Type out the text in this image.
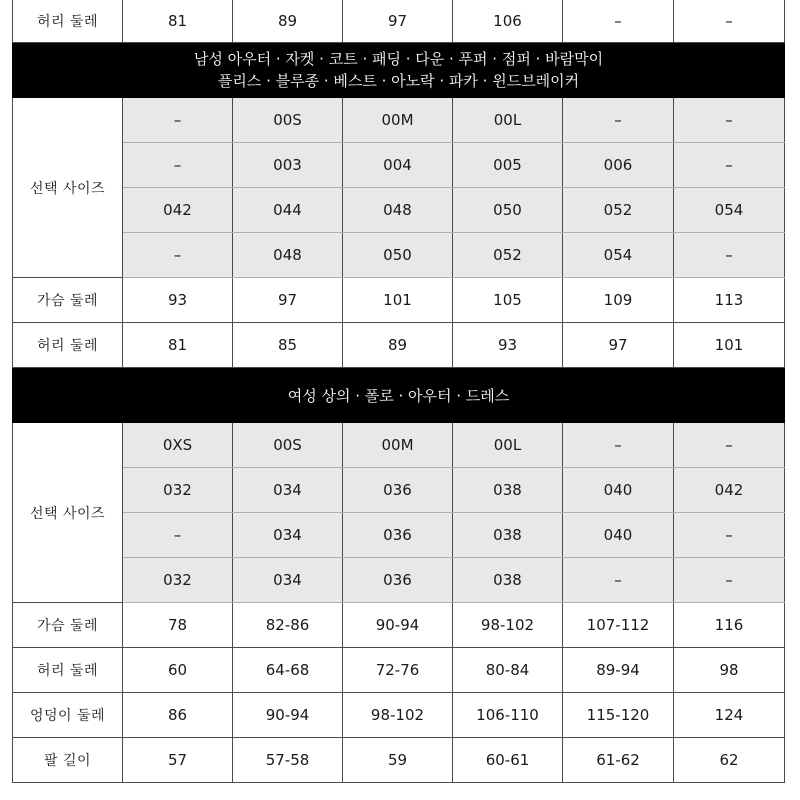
허리 둘레	81	89	97	106	–	–

남성 아우터 · 자켓 · 코트 · 패딩 · 다운 · 푸퍼 · 점퍼 · 바람막이
플리스 · 블루종 · 베스트 · 아노락 · 파카 · 윈드브레이커						

선택 사이즈	–	00S	00M	00L	–	–
	–	003	004	005	006	–
	042	044	048	050	052	054
	–	048	050	052	054	–
가슴 둘레	93	97	101	105	109	113
허리 둘레	81	85	89	93	97	101

여성 상의 · 폴로 · 아우터 · 드레스						

선택 사이즈	0XS	00S	00M	00L	–	–
	032	034	036	038	040	042
	–	034	036	038	040	–
	032	034	036	038	–	–
가슴 둘레	78	82-86	90-94	98-102	107-112	116
허리 둘레	60	64-68	72-76	80-84	89-94	98
엉덩이 둘레	86	90-94	98-102	106-110	115-120	124
팔 길이	57	57-58	59	60-61	61-62	62
